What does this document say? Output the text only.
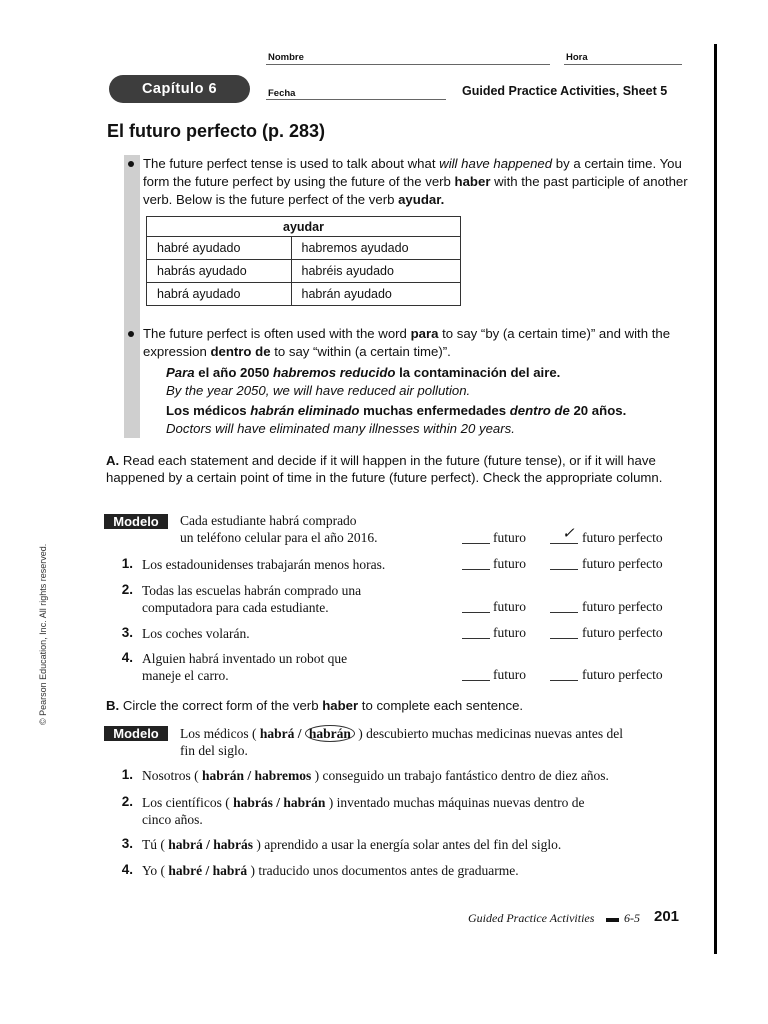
Nombre	Hora
Capítulo 6	Fecha	Guided Practice Activities, Sheet 5
El futuro perfecto (p. 283)
The future perfect tense is used to talk about what will have happened by a certain time. You form the future perfect by using the future of the verb haber with the past participle of another verb. Below is the future perfect of the verb ayudar.
ayudar	
habré ayudado	habremos ayudado
habrás ayudado	habréis ayudado
habrá ayudado	habrán ayudado
The future perfect is often used with the word para to say “by (a certain time)” and with the expression dentro de to say “within (a certain time)”.
Para el año 2050 habremos reducido la contaminación del aire.
By the year 2050, we will have reduced air pollution.
Los médicos habrán eliminado muchas enfermedades dentro de 20 años.
Doctors will have eliminated many illnesses within 20 years.
A. Read each statement and decide if it will happen in the future (future tense), or if it will have happened by a certain point of time in the future (future perfect). Check the appropriate column.
Modelo	Cada estudiante habrá comprado
un teléfono celular para el año 2016.	futuro ✓ futuro perfecto
1. Los estadounidenses trabajarán menos horas.	futuro	futuro perfecto
2. Todas las escuelas habrán comprado una
computadora para cada estudiante.	futuro	futuro perfecto
3. Los coches volarán.	futuro	futuro perfecto
4. Alguien habrá inventado un robot que
maneje el carro.	futuro	futuro perfecto
B. Circle the correct form of the verb haber to complete each sentence.
Modelo	Los médicos ( habrá / habrán ) descubierto muchas medicinas nuevas antes del
fin del siglo.
1. Nosotros ( habrán / habremos ) conseguido un trabajo fantástico dentro de diez años.
2. Los científicos ( habrás / habrán ) inventado muchas máquinas nuevas dentro de
cinco años.
3. Tú ( habrá / habrás ) aprendido a usar la energía solar antes del fin del siglo.
4. Yo ( habré / habrá ) traducido unos documentos antes de graduarme.
© Pearson Education, Inc. All rights reserved.
Guided Practice Activities 6-5 201
